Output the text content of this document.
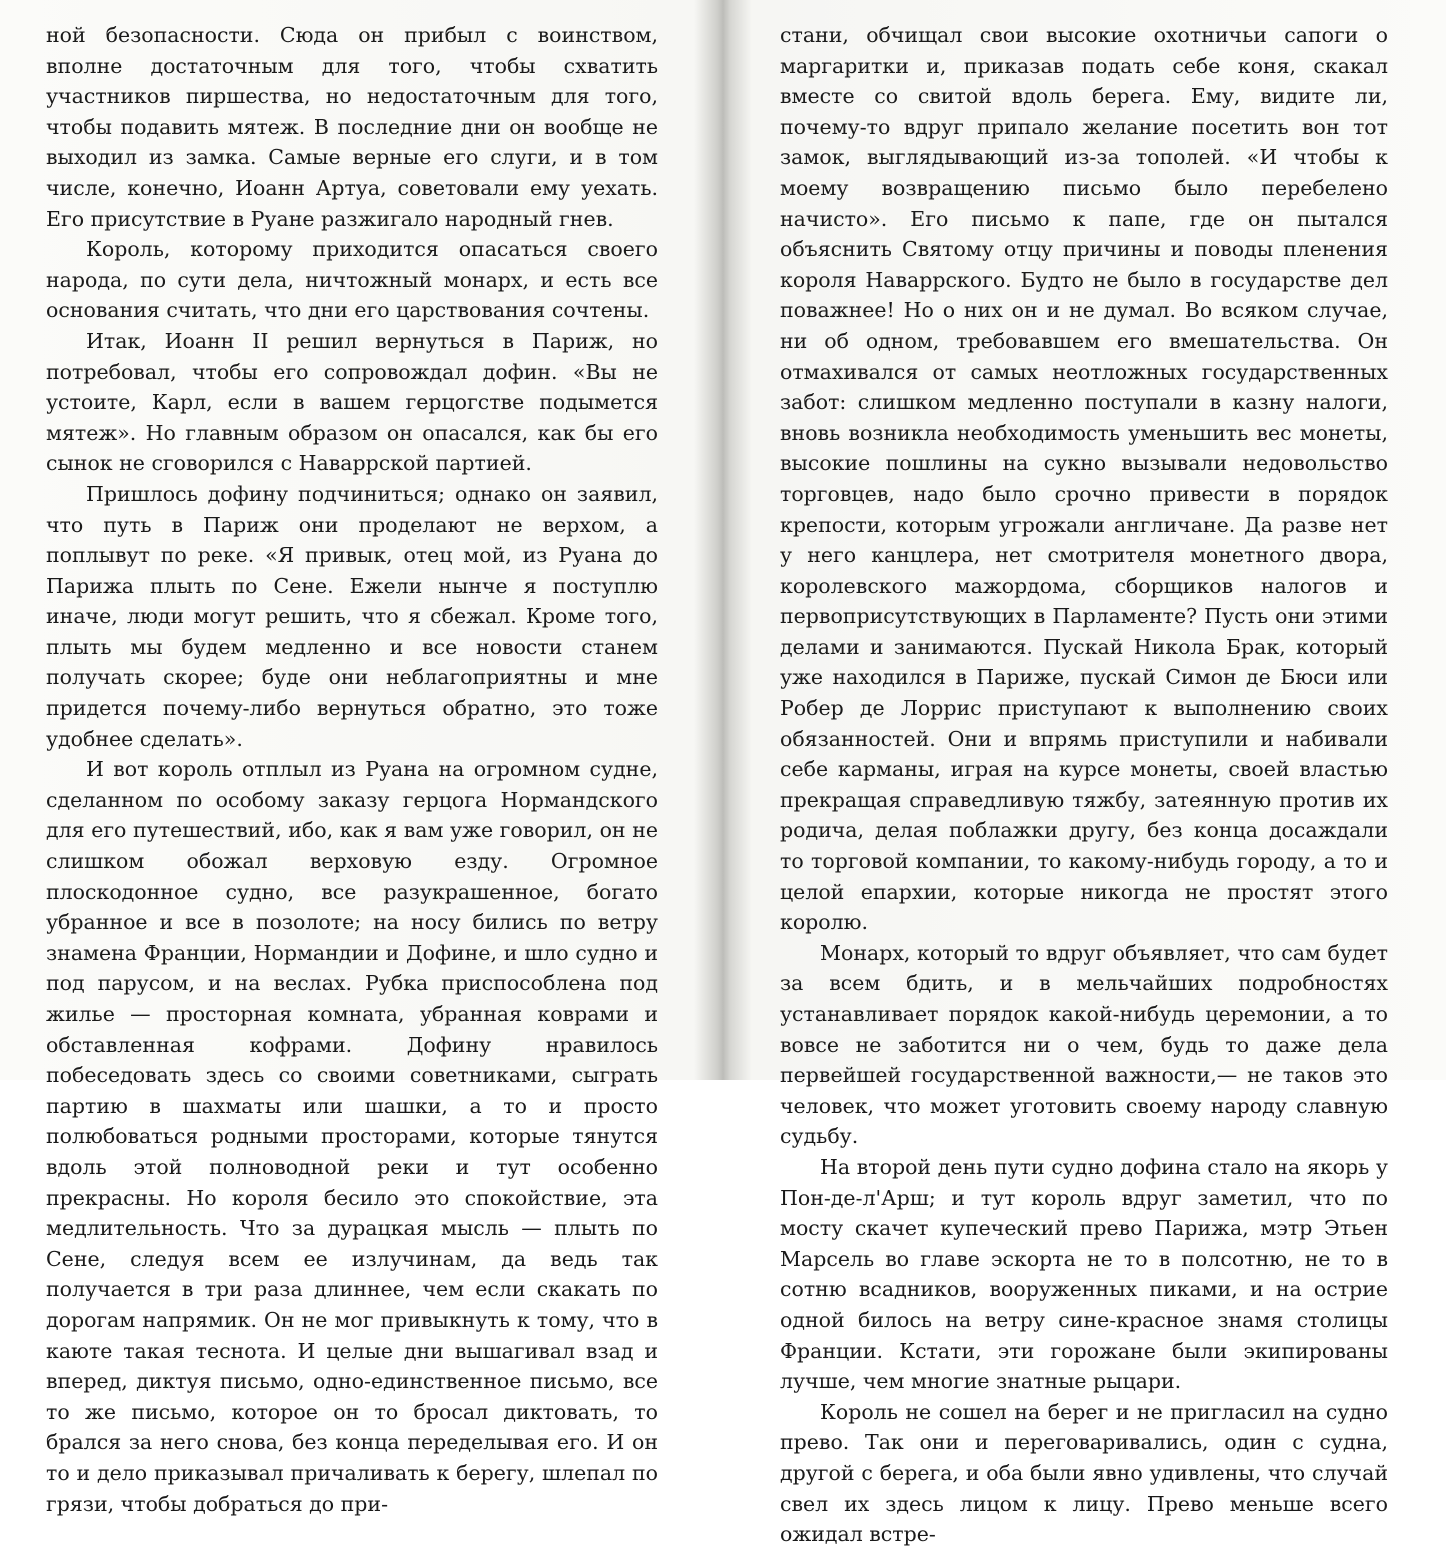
ной безопасности. Сюда он прибыл с воинством, вполне достаточным для того, чтобы схватить участников пиршества, но недостаточным для того, чтобы подавить мятеж. В последние дни он вообще не выходил из замка. Самые верные его слуги, и в том числе, конечно, Иоанн Артуа, советовали ему уехать. Его присутствие в Руане разжигало народный гнев.

Король, которому приходится опасаться своего народа, по сути дела, ничтожный монарх, и есть все основания считать, что дни его царствования сочтены.

Итак, Иоанн II решил вернуться в Париж, но потребовал, чтобы его сопровождал дофин. «Вы не устоите, Карл, если в вашем герцогстве подымется мятеж». Но главным образом он опасался, как бы его сынок не сговорился с Наваррской партией.

Пришлось дофину подчиниться; однако он заявил, что путь в Париж они проделают не верхом, а поплывут по реке. «Я привык, отец мой, из Руана до Парижа плыть по Сене. Ежели нынче я поступлю иначе, люди могут решить, что я сбежал. Кроме того, плыть мы будем медленно и все новости станем получать скорее; буде они неблагоприятны и мне придется почему-либо вернуться обратно, это тоже удобнее сделать».

И вот король отплыл из Руана на огромном судне, сделанном по особому заказу герцога Нормандского для его путешествий, ибо, как я вам уже говорил, он не слишком обожал верховую езду. Огромное плоскодонное судно, все разукрашенное, богато убранное и все в позолоте; на носу бились по ветру знамена Франции, Нормандии и Дофине, и шло судно и под парусом, и на веслах. Рубка приспособлена под жилье — просторная комната, убранная коврами и обставленная кофрами. Дофину нравилось побеседовать здесь со своими советниками, сыграть партию в шахматы или шашки, а то и просто полюбоваться родными просторами, которые тянутся вдоль этой полноводной реки и тут особенно прекрасны. Но короля бесило это спокойствие, эта медлительность. Что за дурацкая мысль — плыть по Сене, следуя всем ее излучинам, да ведь так получается в три раза длиннее, чем если скакать по дорогам напрямик. Он не мог привыкнуть к тому, что в каюте такая теснота. И целые дни вышагивал взад и вперед, диктуя письмо, одно-единственное письмо, все то же письмо, которое он то бросал диктовать, то брался за него снова, без конца переделывая его. И он то и дело приказывал причаливать к берегу, шлепал по грязи, чтобы добраться до при-

стани, обчищал свои высокие охотничьи сапоги о маргаритки и, приказав подать себе коня, скакал вместе со свитой вдоль берега. Ему, видите ли, почему-то вдруг припало желание посетить вон тот замок, выглядывающий из-за тополей. «И чтобы к моему возвращению письмо было перебелено начисто». Его письмо к папе, где он пытался объяснить Святому отцу причины и поводы пленения короля Наваррского. Будто не было в государстве дел поважнее! Но о них он и не думал. Во всяком случае, ни об одном, требовавшем его вмешательства. Он отмахивался от самых неотложных государственных забот: слишком медленно поступали в казну налоги, вновь возникла необходимость уменьшить вес монеты, высокие пошлины на сукно вызывали недовольство торговцев, надо было срочно привести в порядок крепости, которым угрожали англичане. Да разве нет у него канцлера, нет смотрителя монетного двора, королевского мажордома, сборщиков налогов и первоприсутствующих в Парламенте? Пусть они этими делами и занимаются. Пускай Никола Брак, который уже находился в Париже, пускай Симон де Бюси или Робер де Лоррис приступают к выполнению своих обязанностей. Они и впрямь приступили и набивали себе карманы, играя на курсе монеты, своей властью прекращая справедливую тяжбу, затеянную против их родича, делая поблажки другу, без конца досаждали то торговой компании, то какому-нибудь городу, а то и целой епархии, которые никогда не простят этого королю.

Монарх, который то вдруг объявляет, что сам будет за всем бдить, и в мельчайших подробностях устанавливает порядок какой-нибудь церемонии, а то вовсе не заботится ни о чем, будь то даже дела первейшей государственной важности,— не таков это человек, что может уготовить своему народу славную судьбу.

На второй день пути судно дофина стало на якорь у Пон-де-л'Арш; и тут король вдруг заметил, что по мосту скачет купеческий прево Парижа, мэтр Этьен Марсель во главе эскорта не то в полсотню, не то в сотню всадников, вооруженных пиками, и на острие одной билось на ветру сине-красное знамя столицы Франции. Кстати, эти горожане были экипированы лучше, чем многие знатные рыцари.

Король не сошел на берег и не пригласил на судно прево. Так они и переговаривались, один с судна, другой с берега, и оба были явно удивлены, что случай свел их здесь лицом к лицу. Прево меньше всего ожидал встре-
